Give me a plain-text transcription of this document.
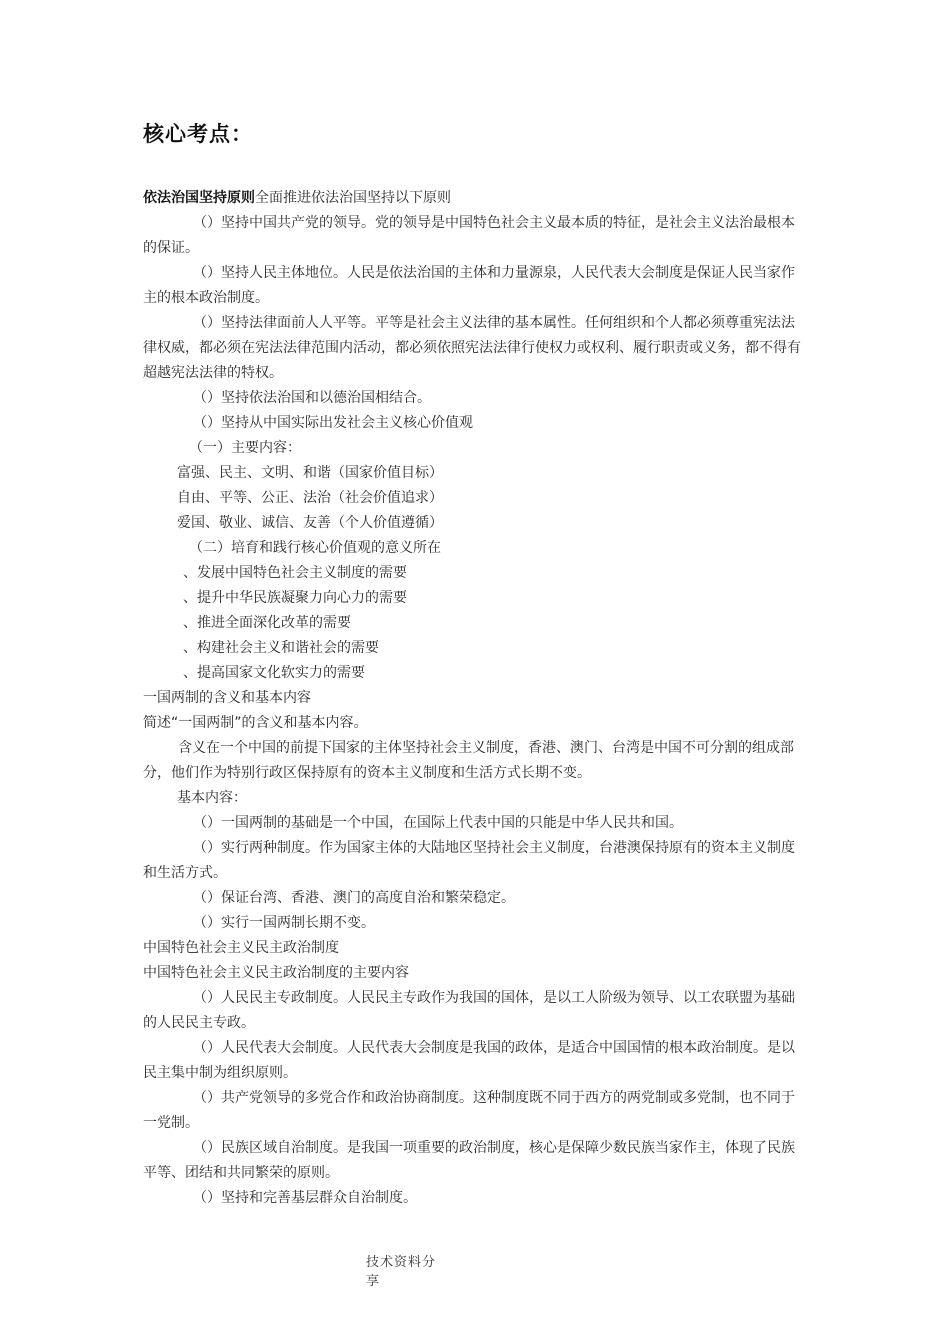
核心考点：

依法治国坚持原则全面推进依法治国坚持以下原则

（）坚持中国共产党的领导。党的领导是中国特色社会主义最本质的特征，是社会主义法治最根本的保证。

（）坚持人民主体地位。人民是依法治国的主体和力量源泉，人民代表大会制度是保证人民当家作主的根本政治制度。

（）坚持法律面前人人平等。平等是社会主义法律的基本属性。任何组织和个人都必须尊重宪法法律权威，都必须在宪法法律范围内活动，都必须依照宪法法律行使权力或权利、履行职责或义务，都不得有超越宪法法律的特权。

（）坚持依法治国和以德治国相结合。

（）坚持从中国实际出发社会主义核心价值观

（一）主要内容：

富强、民主、文明、和谐（国家价值目标）

自由、平等、公正、法治（社会价值追求）

爱国、敬业、诚信、友善（个人价值遵循）

（二）培育和践行核心价值观的意义所在

、发展中国特色社会主义制度的需要

、提升中华民族凝聚力向心力的需要

、推进全面深化改革的需要

、构建社会主义和谐社会的需要

、提高国家文化软实力的需要

一国两制的含义和基本内容

简述“一国两制”的含义和基本内容。

含义在一个中国的前提下国家的主体坚持社会主义制度，香港、澳门、台湾是中国不可分割的组成部分，他们作为特别行政区保持原有的资本主义制度和生活方式长期不变。

基本内容：

（）一国两制的基础是一个中国，在国际上代表中国的只能是中华人民共和国。

（）实行两种制度。作为国家主体的大陆地区坚持社会主义制度，台港澳保持原有的资本主义制度和生活方式。

（）保证台湾、香港、澳门的高度自治和繁荣稳定。

（）实行一国两制长期不变。

中国特色社会主义民主政治制度

中国特色社会主义民主政治制度的主要内容

（）人民民主专政制度。人民民主专政作为我国的国体，是以工人阶级为领导、以工农联盟为基础的人民民主专政。

（）人民代表大会制度。人民代表大会制度是我国的政体，是适合中国国情的根本政治制度。是以民主集中制为组织原则。

（）共产党领导的多党合作和政治协商制度。这种制度既不同于西方的两党制或多党制，也不同于一党制。

（）民族区域自治制度。是我国一项重要的政治制度，核心是保障少数民族当家作主，体现了民族平等、团结和共同繁荣的原则。

（）坚持和完善基层群众自治制度。

技术资料分
享
